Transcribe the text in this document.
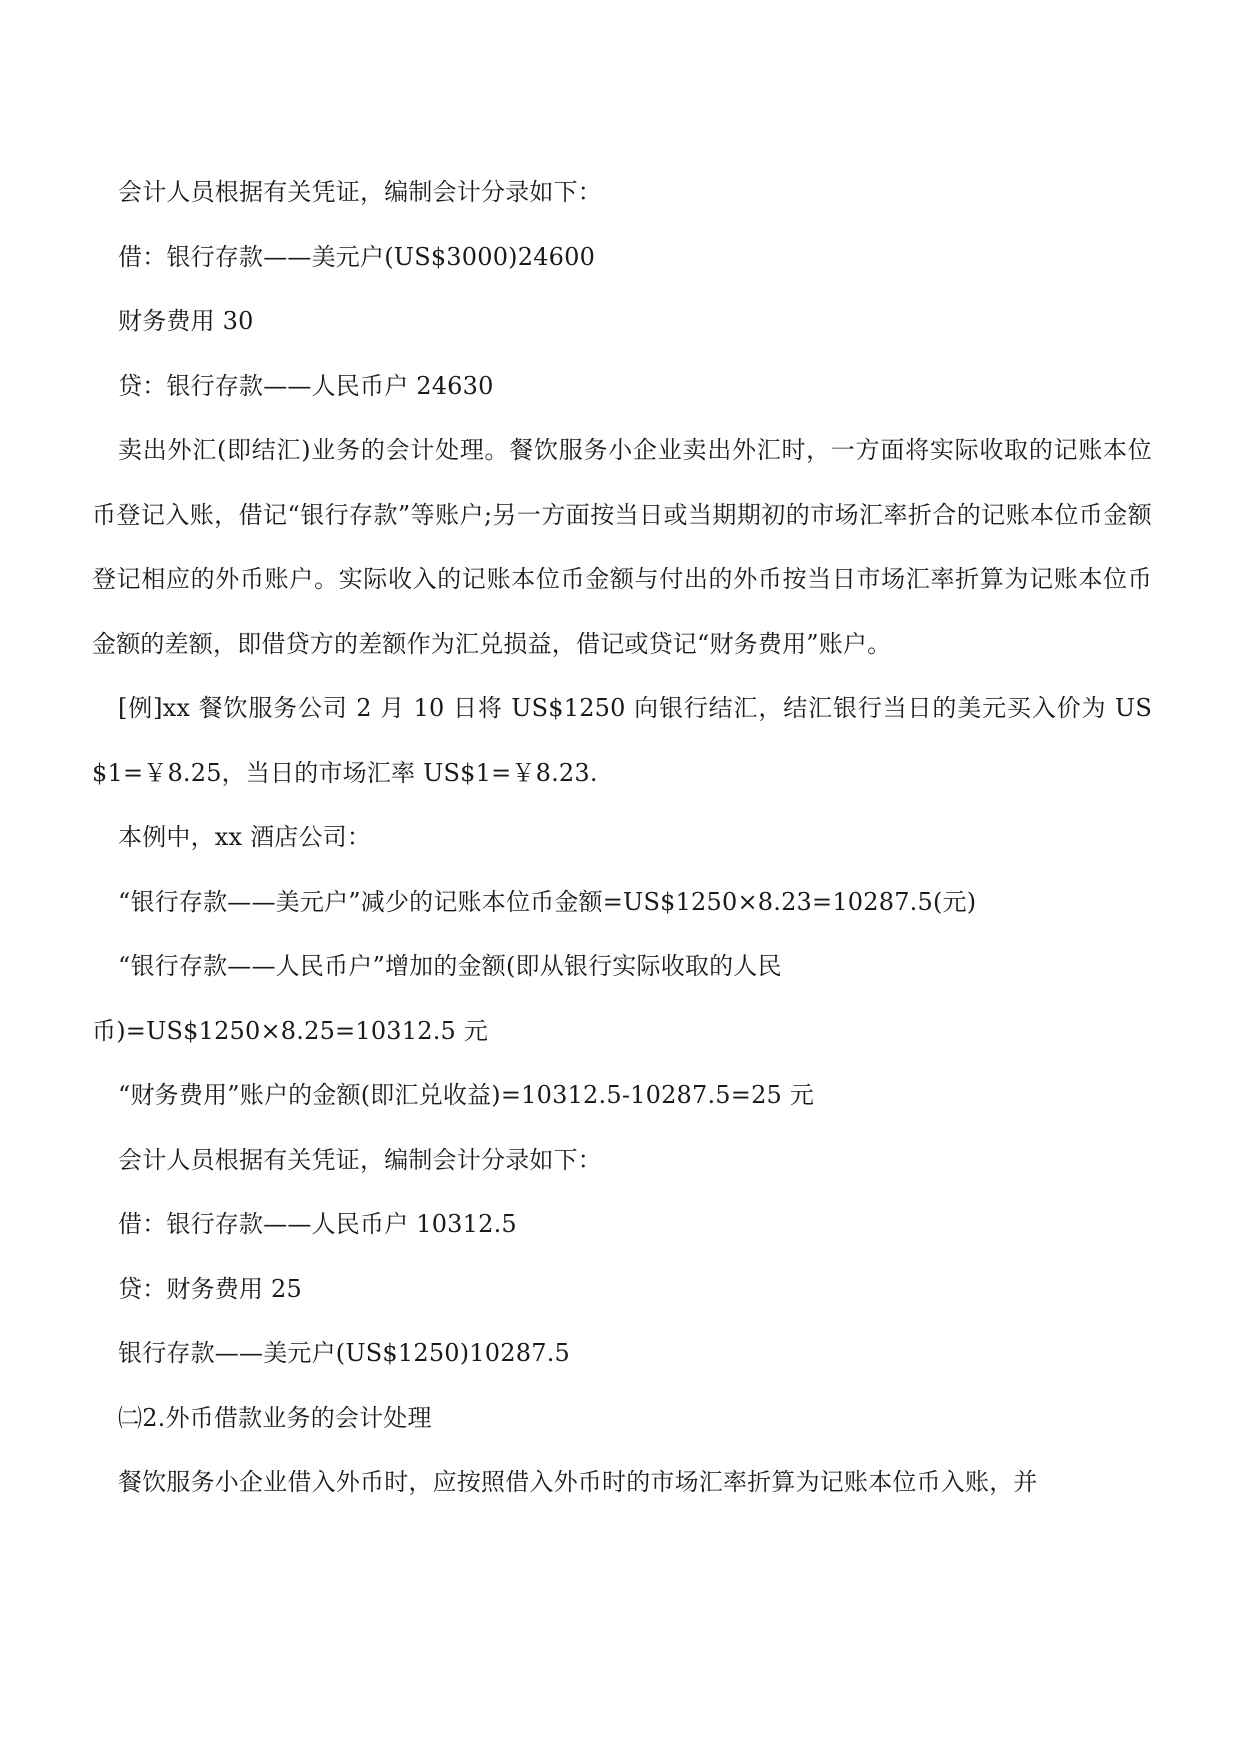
会计人员根据有关凭证，编制会计分录如下：

借：银行存款——美元户(US$3000)24600

财务费用 30

贷：银行存款——人民币户 24630

卖出外汇(即结汇)业务的会计处理。餐饮服务小企业卖出外汇时，一方面将实际收取的记账本位币登记入账，借记“银行存款”等账户;另一方面按当日或当期期初的市场汇率折合的记账本位币金额登记相应的外币账户。实际收入的记账本位币金额与付出的外币按当日市场汇率折算为记账本位币金额的差额，即借贷方的差额作为汇兑损益，借记或贷记“财务费用”账户。

[例]xx 餐饮服务公司 2 月 10 日将 US$1250 向银行结汇，结汇银行当日的美元买入价为 US$1=￥8.25，当日的市场汇率 US$1=￥8.23.

本例中，xx 酒店公司：

“银行存款——美元户”减少的记账本位币金额=US$1250×8.23=10287.5(元)

“银行存款——人民币户”增加的金额(即从银行实际收取的人民币)=US$1250×8.25=10312.5 元

“财务费用”账户的金额(即汇兑收益)=10312.5-10287.5=25 元

会计人员根据有关凭证，编制会计分录如下：

借：银行存款——人民币户 10312.5

贷：财务费用 25

银行存款——美元户(US$1250)10287.5

㈡2.外币借款业务的会计处理

餐饮服务小企业借入外币时，应按照借入外币时的市场汇率折算为记账本位币入账，并
